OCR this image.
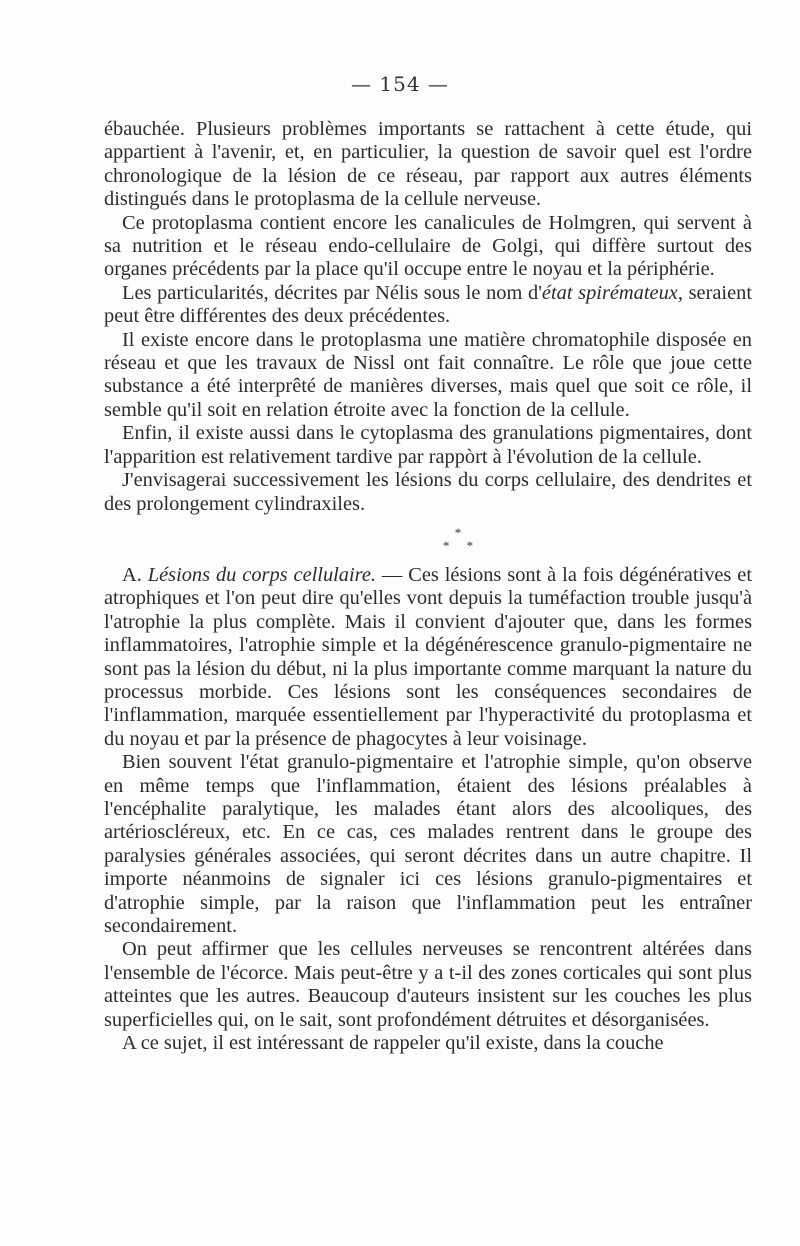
— 154 —

ébauchée. Plusieurs problèmes importants se rattachent à cette étude, qui appartient à l'avenir, et, en particulier, la question de savoir quel est l'ordre chronologique de la lésion de ce réseau, par rapport aux autres éléments distingués dans le protoplasma de la cellule nerveuse.

Ce protoplasma contient encore les canalicules de Holmgren, qui servent à sa nutrition et le réseau endo-cellulaire de Golgi, qui diffère surtout des organes précédents par la place qu'il occupe entre le noyau et la périphérie.

Les particularités, décrites par Nélis sous le nom d'état spirémateux, seraient peut être différentes des deux précédentes.

Il existe encore dans le protoplasma une matière chromatophile disposée en réseau et que les travaux de Nissl ont fait connaître. Le rôle que joue cette substance a été interprêté de manières diverses, mais quel que soit ce rôle, il semble qu'il soit en relation étroite avec la fonction de la cellule.

Enfin, il existe aussi dans le cytoplasma des granulations pigmentaires, dont l'apparition est relativement tardive par rappòrt à l'évolution de la cellule.

J'envisagerai successivement les lésions du corps cellulaire, des dendrites et des prolongement cylindraxiles.

*
* *

A. Lésions du corps cellulaire. — Ces lésions sont à la fois dégénératives et atrophiques et l'on peut dire qu'elles vont depuis la tuméfaction trouble jusqu'à l'atrophie la plus complète. Mais il convient d'ajouter que, dans les formes inflammatoires, l'atrophie simple et la dégénérescence granulo-pigmentaire ne sont pas la lésion du début, ni la plus importante comme marquant la nature du processus morbide. Ces lésions sont les conséquences secondaires de l'inflammation, marquée essentiellement par l'hyperactivité du protoplasma et du noyau et par la présence de phagocytes à leur voisinage.

Bien souvent l'état granulo-pigmentaire et l'atrophie simple, qu'on observe en même temps que l'inflammation, étaient des lésions préalables à l'encéphalite paralytique, les malades étant alors des alcooliques, des artérioscléreux, etc. En ce cas, ces malades rentrent dans le groupe des paralysies générales associées, qui seront décrites dans un autre chapitre. Il importe néanmoins de signaler ici ces lésions granulo-pigmentaires et d'atrophie simple, par la raison que l'inflammation peut les entraîner secondairement.

On peut affirmer que les cellules nerveuses se rencontrent altérées dans l'ensemble de l'écorce. Mais peut-être y a t-il des zones corticales qui sont plus atteintes que les autres. Beaucoup d'auteurs insistent sur les couches les plus superficielles qui, on le sait, sont profondément détruites et désorganisées.

A ce sujet, il est intéressant de rappeler qu'il existe, dans la couche
